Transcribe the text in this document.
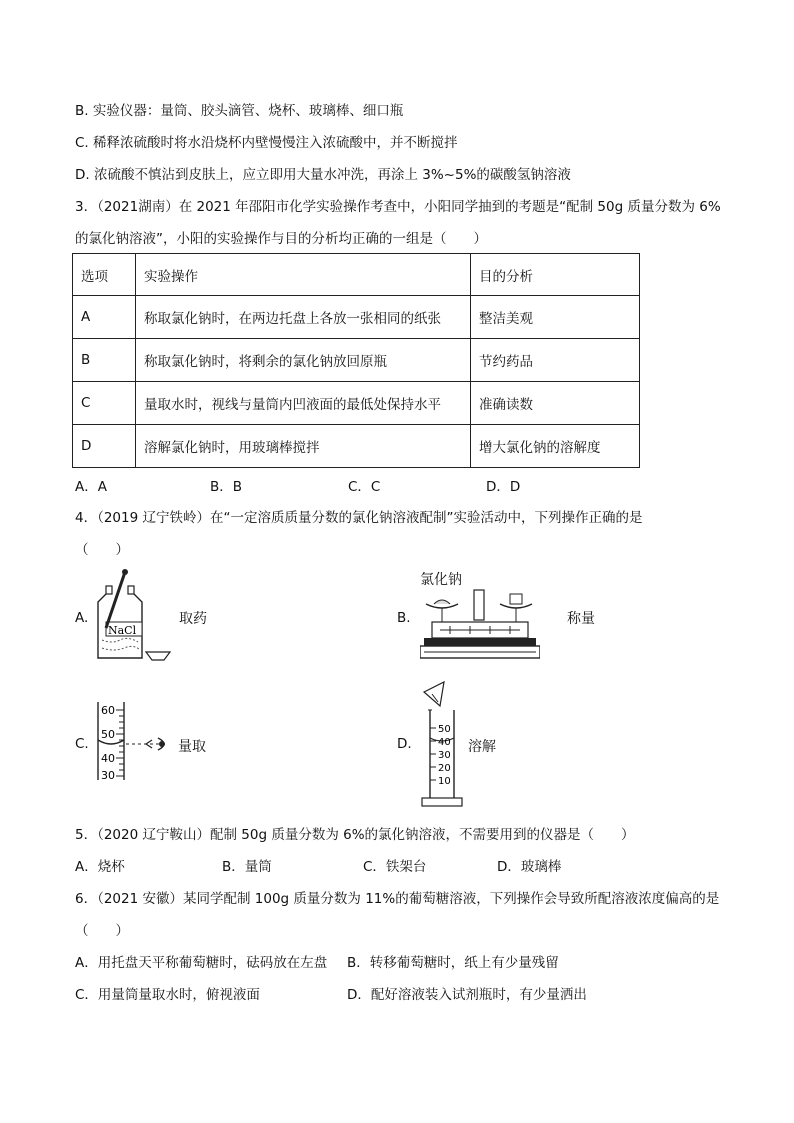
B. 实验仪器：量筒、胶头滴管、烧杯、玻璃棒、细口瓶
C. 稀释浓硫酸时将水沿烧杯内壁慢慢注入浓硫酸中，并不断搅拌
D. 浓硫酸不慎沾到皮肤上，应立即用大量水冲洗，再涂上 3%~5%的碳酸氢钠溶液
3．（2021湖南）在 2021 年邵阳市化学实验操作考查中，小阳同学抽到的考题是“配制 50g 质量分数为 6%
的氯化钠溶液”，小阳的实验操作与目的分析均正确的一组是（　　）
选项	实验操作	目的分析
A	称取氯化钠时，在两边托盘上各放一张相同的纸张	整洁美观
B	称取氯化钠时，将剩余的氯化钠放回原瓶	节约药品
C	量取水时，视线与量筒内凹液面的最低处保持水平	准确读数
D	溶解氯化钠时，用玻璃棒搅拌	增大氯化钠的溶解度
A．A	B．B	C．C	D．D
4．（2019 辽宁铁岭）在“一定溶质质量分数的氯化钠溶液配制”实验活动中，下列操作正确的是
（　　）
A.
NaCl
取药	B.
氯化钠
称量
C.
60
50
40
30
量取	D.
50
40
30
20
10
溶解
5．（2020 辽宁鞍山）配制 50g 质量分数为 6%的氯化钠溶液，不需要用到的仪器是（　　）
A．烧杯	B．量筒	C．铁架台	D．玻璃棒
6．（2021 安徽）某同学配制 100g 质量分数为 11%的葡萄糖溶液，下列操作会导致所配溶液浓度偏高的是
（　　）
A．用托盘天平称葡萄糖时，砝码放在左盘 B．转移葡萄糖时，纸上有少量残留
C．用量筒量取水时，俯视液面	D．配好溶液装入试剂瓶时，有少量洒出
